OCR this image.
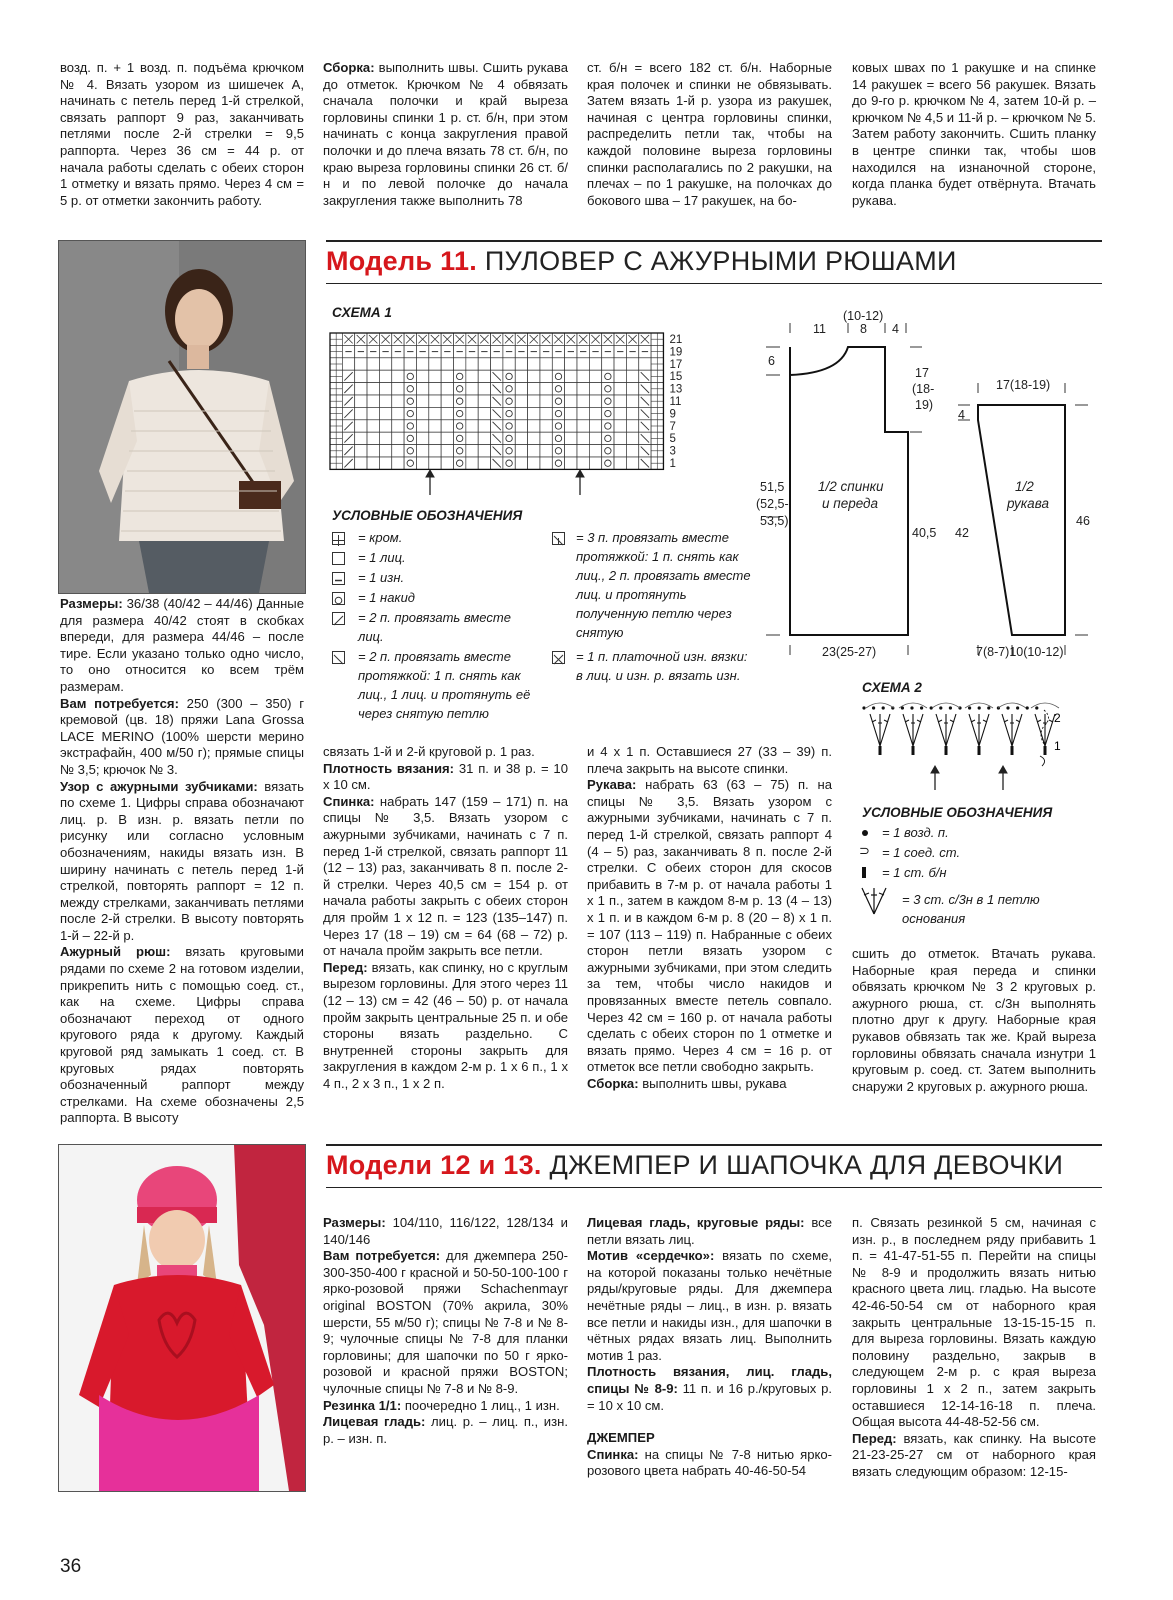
возд. п. + 1 возд. п. подъёма крючком № 4. Вязать узором из шишечек А, начинать с петель перед 1-й стрелкой, связать раппорт 9 раз, заканчивать петлями после 2-й стрелки = 9,5 раппорта. Через 36 см = 44 р. от начала работы сделать с обеих сторон 1 отметку и вязать прямо. Через 4 см = 5 р. от отметки закончить работу.

Сборка: выполнить швы. Сшить рукава до отметок. Крючком № 4 обвязать сначала полочки и край выреза горловины спинки 1 р. ст. б/н, при этом начинать с конца закругления правой полочки и до плеча вязать 78 ст. б/н, по краю выреза горловины спинки 26 ст. б/н и по левой полочке до начала закругления также выполнить 78

ст. б/н = всего 182 ст. б/н. Наборные края полочек и спинки не обвязывать. Затем вязать 1-й р. узора из ракушек, начиная с центра горловины спинки, распределить петли так, чтобы на каждой половине выреза горловины спинки располагались по 2 ракушки, на плечах – по 1 ракушке, на полочках до бокового шва – 17 ракушек, на бо-

ковых швах по 1 ракушке и на спинке 14 ракушек = всего 56 ракушек. Вязать до 9-го р. крючком № 4, затем 10-й р. – крючком № 4,5 и 11-й р. – крючком № 5. Затем работу закончить. Сшить планку в центре спинки так, чтобы шов находился на изнаночной стороне, когда планка будет отвёрнута. Втачать рукава.

Модель 11. ПУЛОВЕР С АЖУРНЫМИ РЮШАМИ
СХЕМА 1
21
19
17
15
13
11
9
7
5
3
1
УСЛОВНЫЕ ОБОЗНАЧЕНИЯ
= кром.
= 1 лиц.
= 1 изн.
= 1 накид
= 2 п. провязать вместе лиц.
= 2 п. провязать вместе протяжкой: 1 п. снять как лиц., 1 лиц. и протянуть её через снятую петлю
= 3 п. провязать вместе протяжкой: 1 п. снять как лиц., 2 п. провязать вместе лиц. и протянуть полученную петлю через снятую
= 1 п. платочной изн. вязки: в лиц. и изн. р. вязать изн.
(10-12)
11	8 4
6
17
(18-
19)
51,5
(52,5-
53,5)
1/2 спинки
и переда
40,5
23(25-27)
17(18-19)
4
42
1/2
рукава
46
7(8-7)10(10-12)
СХЕМА 2
2
1
УСЛОВНЫЕ ОБОЗНАЧЕНИЯ
= 1 возд. п.
⊃ = 1 соед. ст.
= 1 ст. б/н
= 3 ст. с/3н в 1 петлю основания

Размеры: 36/38 (40/42 – 44/46) Данные для размера 40/42 стоят в скобках впереди, для размера 44/46 – после тире. Если указано только одно число, то оно относится ко всем трём размерам.

Вам потребуется: 250 (300 – 350) г кремовой (цв. 18) пряжи Lana Grossa LACE MERINO (100% шерсти мерино экстрафайн, 400 м/50 г); прямые спицы № 3,5; крючок № 3.

Узор с ажурными зубчиками: вязать по схеме 1. Цифры справа обозначают лиц. р. В изн. р. вязать петли по рисунку или согласно условным обозначениям, накиды вязать изн. В ширину начинать с петель перед 1-й стрелкой, повторять раппорт = 12 п. между стрелками, заканчивать петлями после 2-й стрелки. В высоту повторять 1-й – 22-й р.

Ажурный рюш: вязать круговыми рядами по схеме 2 на готовом изделии, прикрепить нить с помощью соед. ст., как на схеме. Цифры справа обозначают переход от одного кругового ряда к другому. Каждый круговой ряд замыкать 1 соед. ст. В круговых рядах повторять обозначенный раппорт между стрелками. На схеме обозначены 2,5 раппорта. В высоту

связать 1-й и 2-й круговой р. 1 раз.

Плотность вязания: 31 п. и 38 р. = 10 х 10 см.

Спинка: набрать 147 (159 – 171) п. на спицы № 3,5. Вязать узором с ажурными зубчиками, начинать с 7 п. перед 1-й стрелкой, связать раппорт 11 (12 – 13) раз, заканчивать 8 п. после 2-й стрелки. Через 40,5 см = 154 р. от начала работы закрыть с обеих сторон для пройм 1 х 12 п. = 123 (135–147) п. Через 17 (18 – 19) см = 64 (68 – 72) р. от начала пройм закрыть все петли.

Перед: вязать, как спинку, но с круглым вырезом горловины. Для этого через 11 (12 – 13) см = 42 (46 – 50) р. от начала пройм закрыть центральные 25 п. и обе стороны вязать раздельно. С внутренней стороны закрыть для закругления в каждом 2-м р. 1 х 6 п., 1 х 4 п., 2 х 3 п., 1 х 2 п.

и 4 х 1 п. Оставшиеся 27 (33 – 39) п. плеча закрыть на высоте спинки.

Рукава: набрать 63 (63 – 75) п. на спицы № 3,5. Вязать узором с ажурными зубчиками, начинать с 7 п. перед 1-й стрелкой, связать раппорт 4 (4 – 5) раз, заканчивать 8 п. после 2-й стрелки. С обеих сторон для скосов прибавить в 7-м р. от начала работы 1 х 1 п., затем в каждом 8-м р. 13 (4 – 13) х 1 п. и в каждом 6-м р. 8 (20 – 8) х 1 п. = 107 (113 – 119) п. Набранные с обеих сторон петли вязать узором с ажурными зубчиками, при этом следить за тем, чтобы число накидов и провязанных вместе петель совпало. Через 42 см = 160 р. от начала работы сделать с обеих сторон по 1 отметке и вязать прямо. Через 4 см = 16 р. от отметок все петли свободно закрыть.

Сборка: выполнить швы, рукава

сшить до отметок. Втачать рукава. Наборные края переда и спинки обвязать крючком № 3 2 круговых р. ажурного рюша, ст. с/3н выполнять плотно друг к другу. Наборные края рукавов обвязать так же. Край выреза горловины обвязать сначала изнутри 1 круговым р. соед. ст. Затем выполнить снаружи 2 круговых р. ажурного рюша.

Модели 12 и 13. ДЖЕМПЕР И ШАПОЧКА ДЛЯ ДЕВОЧКИ

Размеры: 104/110, 116/122, 128/134 и 140/146

Вам потребуется: для джемпера 250-300-350-400 г красной и 50-50-100-100 г ярко-розовой пряжи Schachenmayr original BOSTON (70% акрила, 30% шерсти, 55 м/50 г); спицы № 7-8 и № 8-9; чулочные спицы № 7-8 для планки горловины; для шапочки по 50 г ярко-розовой и красной пряжи BOSTON; чулочные спицы № 7-8 и № 8-9.

Резинка 1/1: поочередно 1 лиц., 1 изн.

Лицевая гладь: лиц. р. – лиц. п., изн. р. – изн. п.

Лицевая гладь, круговые ряды: все петли вязать лиц.

Мотив «сердечко»: вязать по схеме, на которой показаны только нечётные ряды/круговые ряды. Для джемпера нечётные ряды – лиц., в изн. р. вязать все петли и накиды изн., для шапочки в чётных рядах вязать лиц. Выполнить мотив 1 раз.

Плотность вязания, лиц. гладь, спицы № 8-9: 11 п. и 16 р./круговых р. = 10 х 10 см.

ДЖЕМПЕР

Спинка: на спицы № 7-8 нитью ярко-розового цвета набрать 40-46-50-54

п. Связать резинкой 5 см, начиная с изн. р., в последнем ряду прибавить 1 п. = 41-47-51-55 п. Перейти на спицы № 8-9 и продолжить вязать нитью красного цвета лиц. гладью. На высоте 42-46-50-54 см от наборного края закрыть центральные 13-15-15-15 п. для выреза горловины. Вязать каждую половину раздельно, закрыв в следующем 2-м р. с края выреза горловины 1 х 2 п., затем закрыть оставшиеся 12-14-16-18 п. плеча. Общая высота 44-48-52-56 см.

Перед: вязать, как спинку. На высоте 21-23-25-27 см от наборного края вязать следующим образом: 12-15-

36
